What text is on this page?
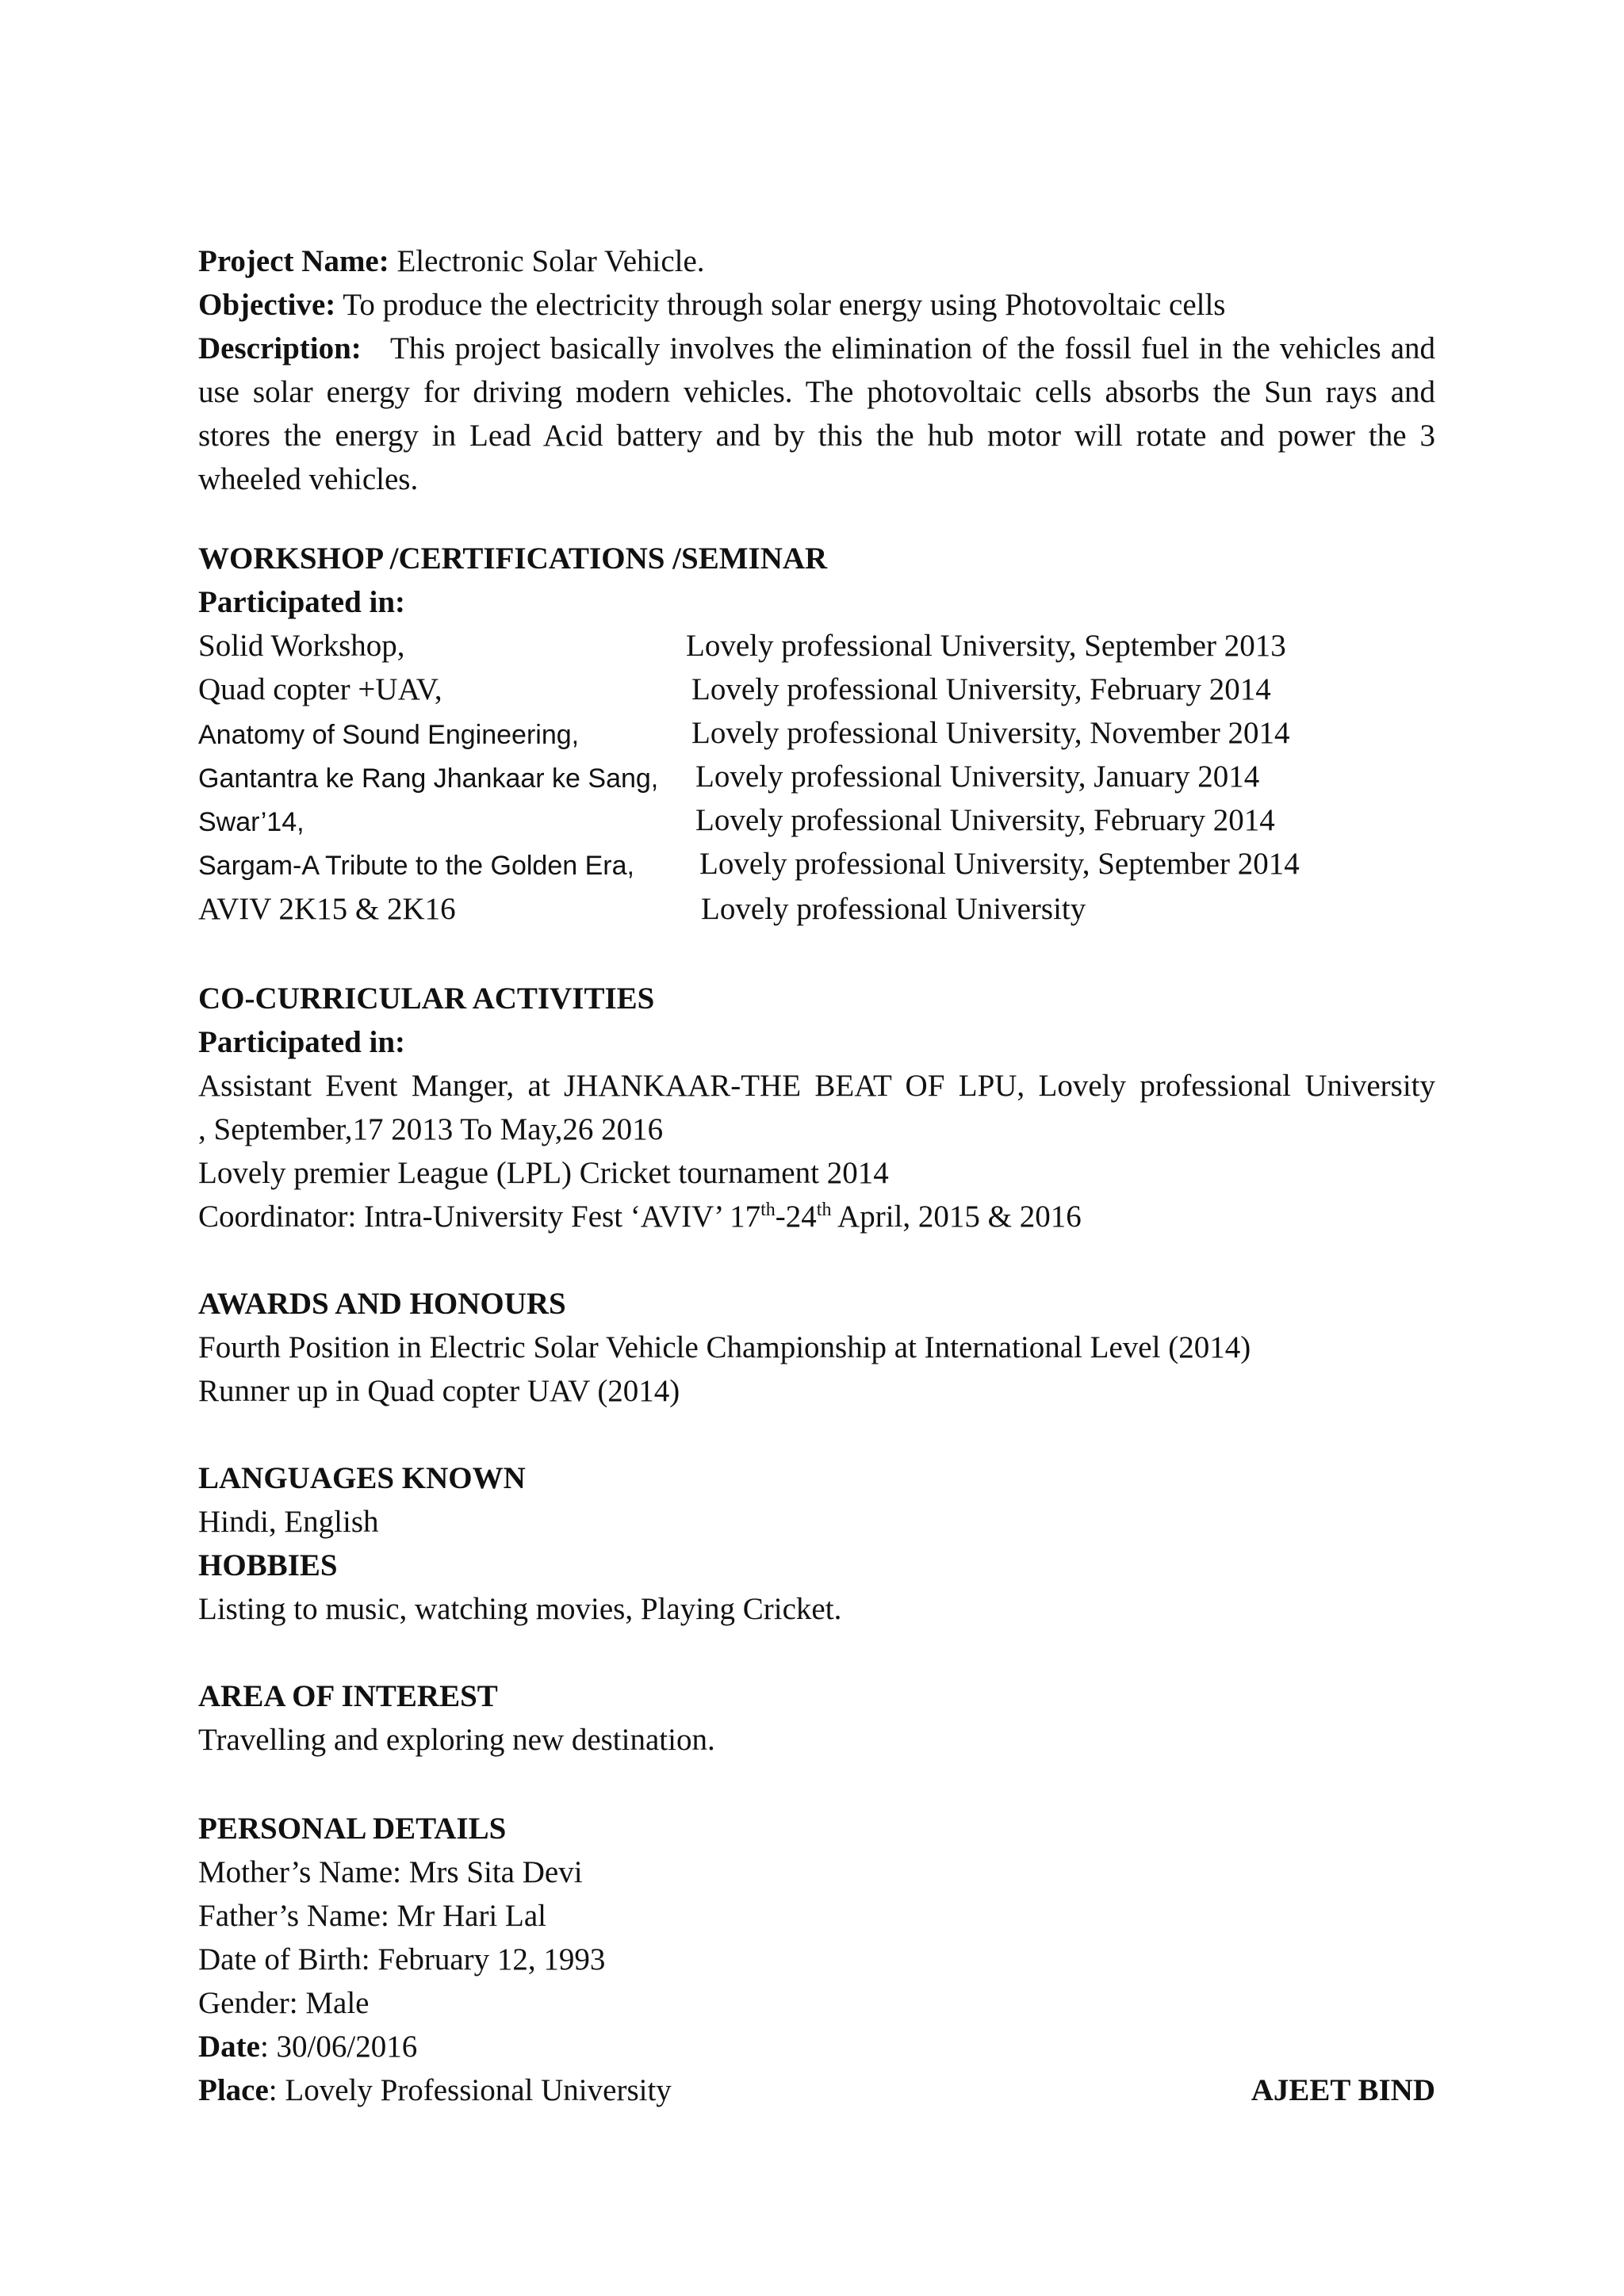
Project Name: Electronic Solar Vehicle.
Objective: To produce the electricity through solar energy using Photovoltaic cells
Description: This project basically involves the elimination of the fossil fuel in the vehicles and use solar energy for driving modern vehicles. The photovoltaic cells absorbs the Sun rays and stores the energy in Lead Acid battery and by this the hub motor will rotate and power the 3 wheeled vehicles.
WORKSHOP /CERTIFICATIONS /SEMINAR
Participated in:
Solid Workshop,	Lovely professional University, September 2013
Quad copter +UAV,	Lovely professional University, February 2014
Anatomy of Sound Engineering,	Lovely professional University, November 2014
Gantantra ke Rang Jhankaar ke Sang, Lovely professional University, January 2014
Swar’14,	Lovely professional University, February 2014
Sargam-A Tribute to the Golden Era, Lovely professional University, September 2014
AVIV 2K15 & 2K16	Lovely professional University
CO-CURRICULAR ACTIVITIES
Participated in:
Assistant Event Manger, at JHANKAAR-THE BEAT OF LPU, Lovely professional University
, September,17 2013 To May,26 2016
Lovely premier League (LPL) Cricket tournament 2014
Coordinator: Intra-University Fest ‘AVIV’ 17th-24th April, 2015 & 2016
AWARDS AND HONOURS
Fourth Position in Electric Solar Vehicle Championship at International Level (2014)
Runner up in Quad copter UAV (2014)
LANGUAGES KNOWN
Hindi, English
HOBBIES
Listing to music, watching movies, Playing Cricket.
AREA OF INTEREST
Travelling and exploring new destination.
PERSONAL DETAILS
Mother’s Name: Mrs Sita Devi
Father’s Name: Mr Hari Lal
Date of Birth: February 12, 1993
Gender: Male
Date: 30/06/2016
Place: Lovely Professional University	AJEET BIND
